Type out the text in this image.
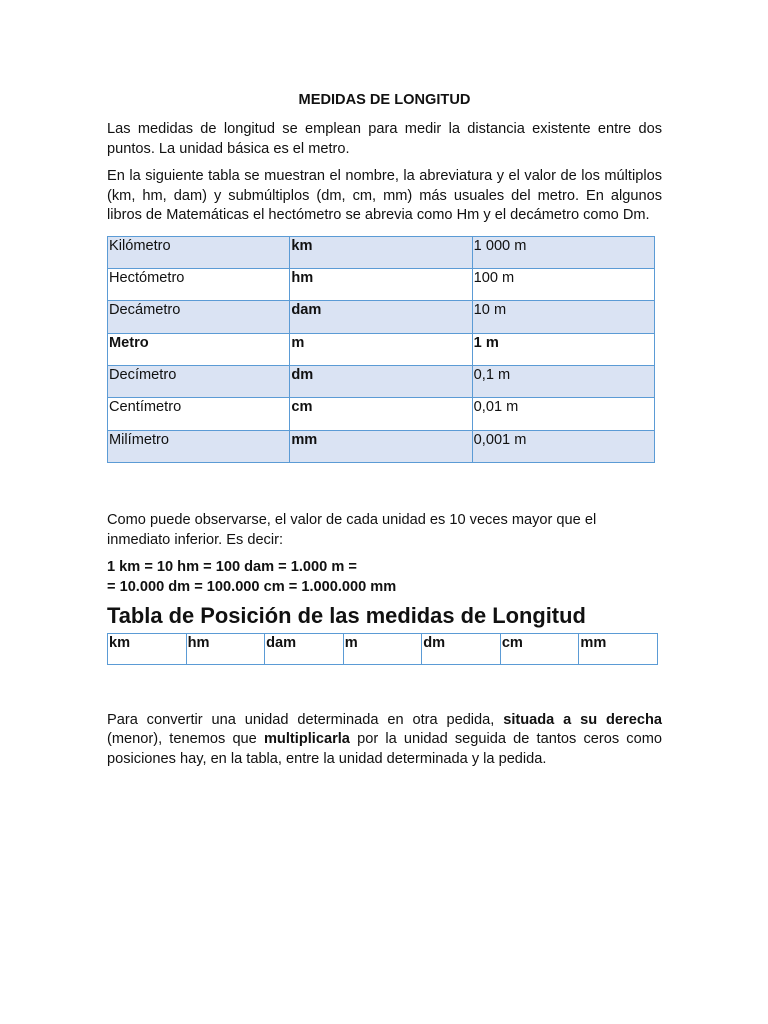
MEDIDAS DE LONGITUD

Las medidas de longitud se emplean para medir la distancia existente entre dos puntos. La unidad básica es el metro.

En la siguiente tabla se muestran el nombre, la abreviatura y el valor de los múltiplos (km, hm, dam) y submúltiplos (dm, cm, mm) más usuales del metro. En algunos libros de Matemáticas el hectómetro se abrevia como Hm y el decámetro como Dm.

Kilómetro	km	1 000 m
Hectómetro	hm	100 m
Decámetro	dam	10 m
Metro	m	1 m
Decímetro	dm	0,1 m
Centímetro	cm	0,01 m
Milímetro	mm	0,001 m

Como puede observarse, el valor de cada unidad es 10 veces mayor que el inmediato inferior. Es decir:

1 km = 10 hm = 100 dam = 1.000 m =
= 10.000 dm = 100.000 cm = 1.000.000 mm
Tabla de Posición de las medidas de Longitud
km	hm	dam	m	dm	cm	mm

Para convertir una unidad determinada en otra pedida, situada a su derecha (menor), tenemos que multiplicarla por la unidad seguida de tantos ceros como posiciones hay, en la tabla, entre la unidad determinada y la pedida.
